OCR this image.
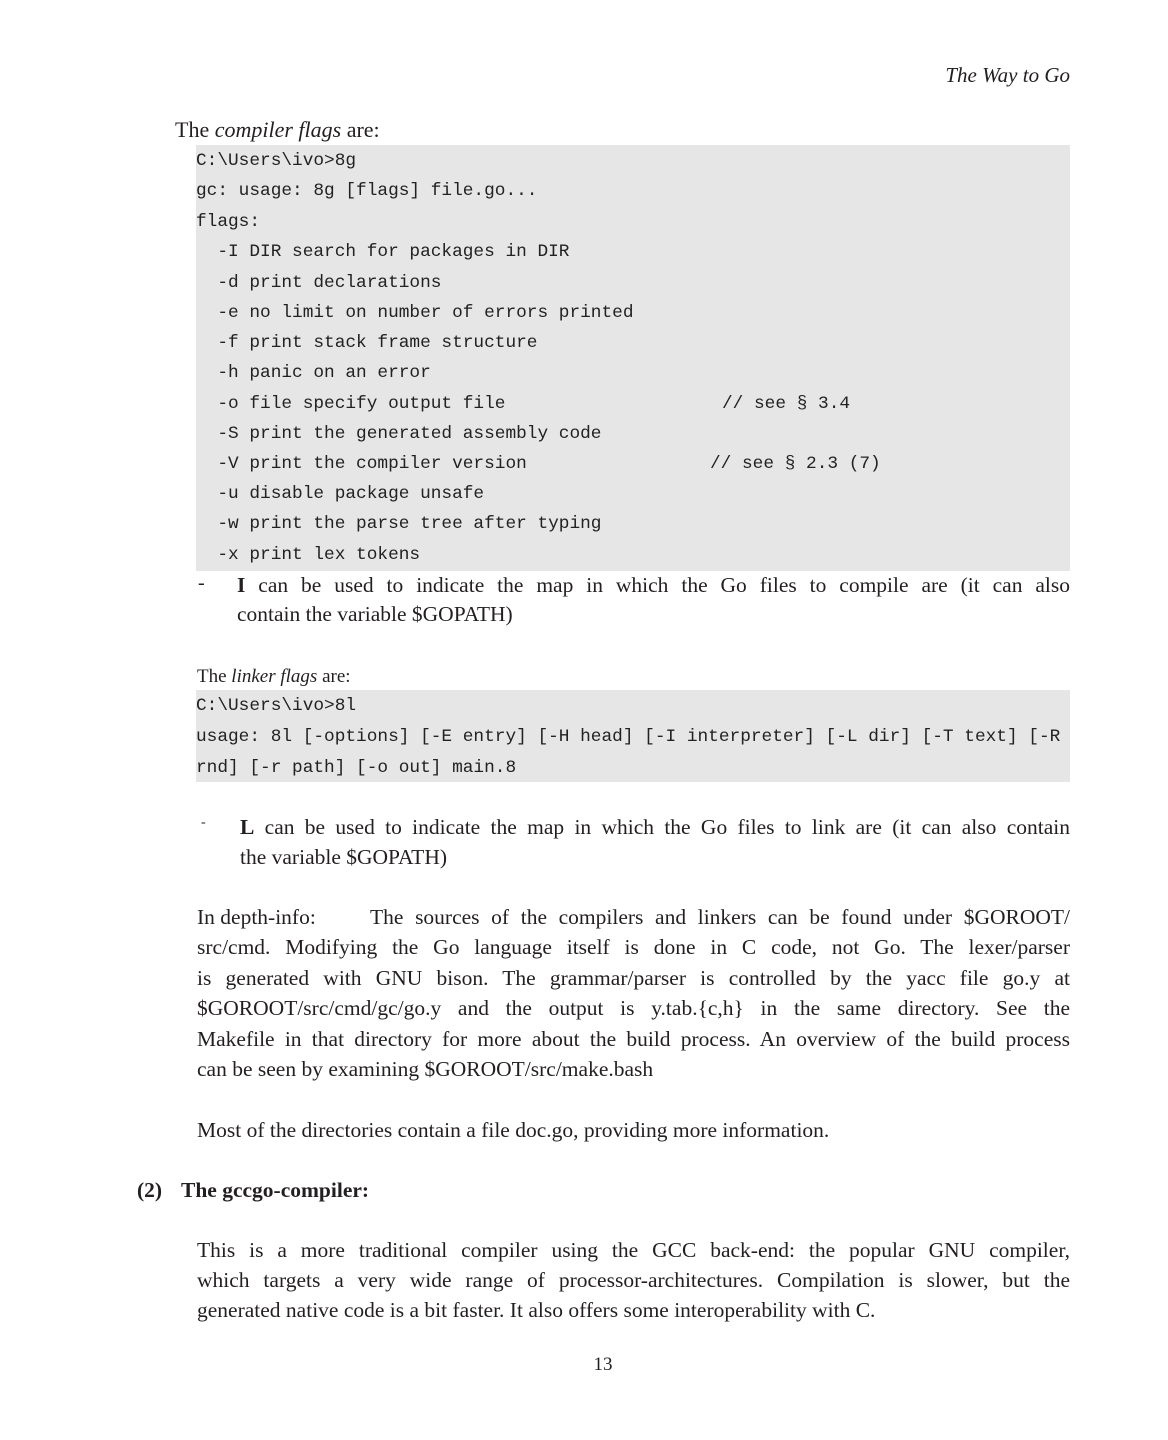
The Way to Go
The compiler flags are:
C:\Users\ivo>8g
gc: usage: 8g [flags] file.go...
flags:
-I DIR search for packages in DIR
-d print declarations
-e no limit on number of errors printed
-f print stack frame structure
-h panic on an error
-o file specify output file	// see § 3.4
-S print the generated assembly code
-V print the compiler version	// see § 2.3 (7)
-u disable package unsafe
-w print the parse tree after typing
-x print lex tokens
- I can be used to indicate the map in which the Go files to compile are (it can also
contain the variable $GOPATH)
The linker flags are:
C:\Users\ivo>8l
usage: 8l [-options] [-E entry] [-H head] [-I interpreter] [-L dir] [-T text] [-R
rnd] [-r path] [-o out] main.8
- L can be used to indicate the map in which the Go files to link are (it can also contain
the variable $GOPATH)
In depth-info:	The sources of the compilers and linkers can be found under $GOROOT/
src/cmd. Modifying the Go language itself is done in C code, not Go. The lexer/parser
is generated with GNU bison. The grammar/parser is controlled by the yacc file go.y at
$GOROOT/src/cmd/gc/go.y and the output is y.tab.{c,h} in the same directory. See the
Makefile in that directory for more about the build process. An overview of the build process
can be seen by examining $GOROOT/src/make.bash
Most of the directories contain a file doc.go, providing more information.
(2) The gccgo-compiler:
This is a more traditional compiler using the GCC back-end: the popular GNU compiler,
which targets a very wide range of processor-architectures. Compilation is slower, but the
generated native code is a bit faster. It also offers some interoperability with C.
13
